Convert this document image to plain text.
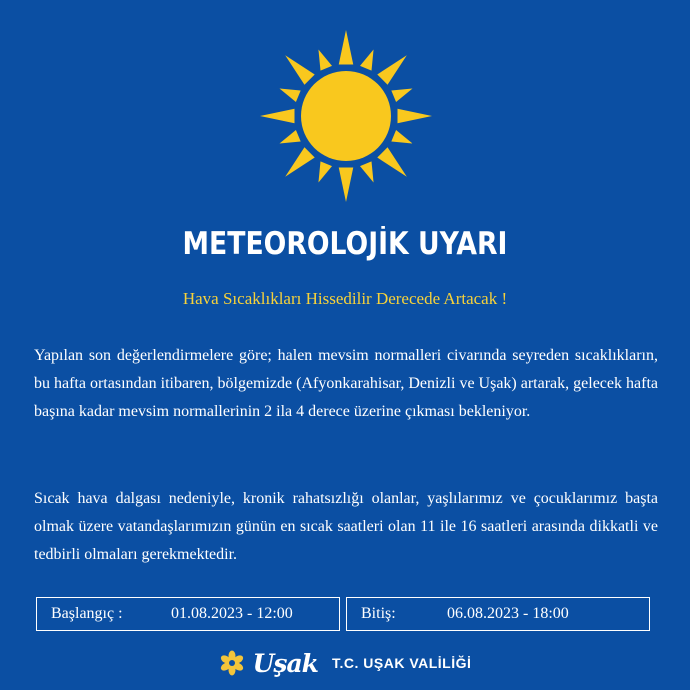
METEOROLOJİK UYARI
Hava Sıcaklıkları Hissedilir Derecede Artacak !
Yapılan son değerlendirmelere göre; halen mevsim normalleri civarında seyreden sıcaklıkların, bu hafta ortasından itibaren, bölgemizde (Afyonkarahisar, Denizli ve Uşak) artarak, gelecek hafta başına kadar mevsim normallerinin 2 ila 4 derece üzerine çıkması bekleniyor.
Sıcak hava dalgası nedeniyle, kronik rahatsızlığı olanlar, yaşlılarımız ve çocuklarımız başta olmak üzere vatandaşlarımızın günün en sıcak saatleri olan 11 ile 16 saatleri arasında dikkatli ve tedbirli olmaları gerekmektedir.
Başlangıç :	01.08.2023 - 12:00	Bitiş:	06.08.2023 - 18:00
Uşak T.C. UŞAK VALİLİĞİ
